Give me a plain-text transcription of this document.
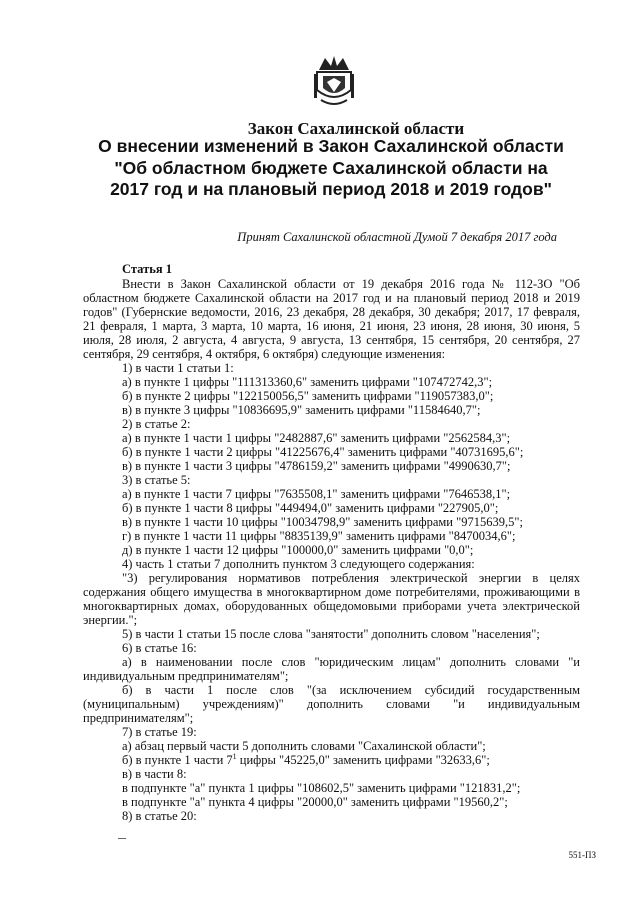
Закон Сахалинской области
О внесении изменений в Закон Сахалинской области "Об областном бюджете Сахалинской области на 2017 год и на плановый период 2018 и 2019 годов"
Принят Сахалинской областной Думой 7 декабря 2017 года
Статья 1

Внести в Закон Сахалинской области от 19 декабря 2016 года № 112-ЗО "Об областном бюджете Сахалинской области на 2017 год и на плановый период 2018 и 2019 годов" (Губернские ведомости, 2016, 23 декабря, 28 декабря, 30 декабря; 2017, 17 февраля, 21 февраля, 1 марта, 3 марта, 10 марта, 16 июня, 21 июня, 23 июня, 28 июня, 30 июня, 5 июля, 28 июля, 2 августа, 4 августа, 9 августа, 13 сентября, 15 сентября, 20 сентября, 27 сентября, 29 сентября, 4 октября, 6 октября) следующие изменения:

1) в части 1 статьи 1:

а) в пункте 1 цифры "111313360,6" заменить цифрами "107472742,3";

б) в пункте 2 цифры "122150056,5" заменить цифрами "119057383,0";

в) в пункте 3 цифры "10836695,9" заменить цифрами "11584640,7";

2) в статье 2:

а) в пункте 1 части 1 цифры "2482887,6" заменить цифрами "2562584,3";

б) в пункте 1 части 2 цифры "41225676,4" заменить цифрами "40731695,6";

в) в пункте 1 части 3 цифры "4786159,2" заменить цифрами "4990630,7";

3) в статье 5:

а) в пункте 1 части 7 цифры "7635508,1" заменить цифрами "7646538,1";

б) в пункте 1 части 8 цифры "449494,0" заменить цифрами "227905,0";

в) в пункте 1 части 10 цифры "10034798,9" заменить цифрами "9715639,5";

г) в пункте 1 части 11 цифры "8835139,9" заменить цифрами "8470034,6";

д) в пункте 1 части 12 цифры "100000,0" заменить цифрами "0,0";

4) часть 1 статьи 7 дополнить пунктом 3 следующего содержания:

"3) регулирования нормативов потребления электрической энергии в целях содержания общего имущества в многоквартирном доме потребителями, проживающими в многоквартирных домах, оборудованных общедомовыми приборами учета электрической энергии.";

5) в части 1 статьи 15 после слова "занятости" дополнить словом "населения";

6) в статье 16:

а) в наименовании после слов "юридическим лицам" дополнить словами "и индивидуальным предпринимателям";

б) в части 1 после слов "(за исключением субсидий государственным (муниципальным) учреждениям)" дополнить словами "и индивидуальным предпринимателям";

7) в статье 19:

а) абзац первый части 5 дополнить словами "Сахалинской области";

б) в пункте 1 части $7^1$ цифры "45225,0" заменить цифрами "32633,6";

в) в части 8:

в подпункте "а" пункта 1 цифры "108602,5" заменить цифрами "121831,2";

в подпункте "а" пункта 4 цифры "20000,0" заменить цифрами "19560,2";

8) в статье 20:

551-ПЗ
